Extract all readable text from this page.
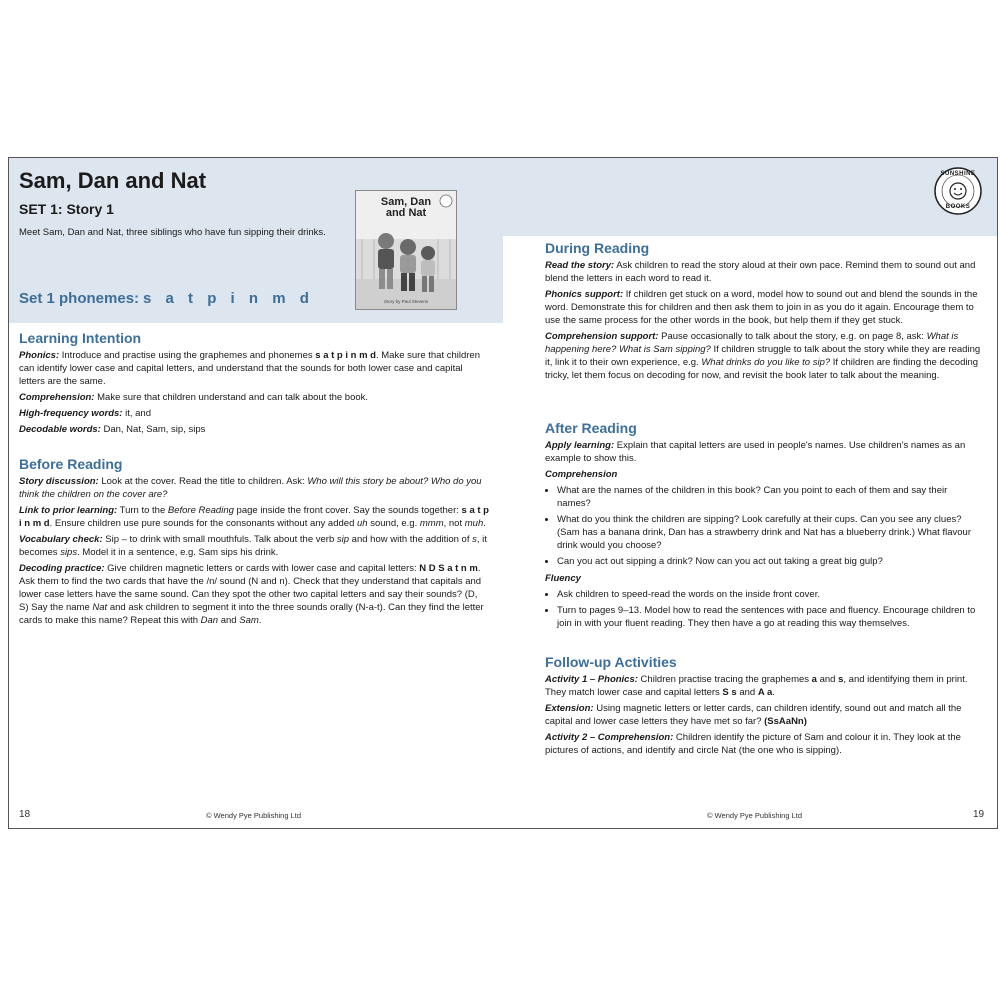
Sam, Dan and Nat
SET 1: Story 1
Meet Sam, Dan and Nat, three siblings who have fun sipping their drinks.
Set 1 phonemes: s a t p i n m d
Sam, Dan
and Nat
Story by Paul Stevens
Learning Intention

Phonics: Introduce and practise using the graphemes and phonemes s a t p i n m d. Make sure that children can identify lower case and capital letters, and understand that the sounds for both lower case and capital letters are the same.

Comprehension: Make sure that children understand and can talk about the book.

High-frequency words: it, and

Decodable words: Dan, Nat, Sam, sip, sips

Before Reading

Story discussion: Look at the cover. Read the title to children. Ask: Who will this story be about? Who do you think the children on the cover are?

Link to prior learning: Turn to the Before Reading page inside the front cover. Say the sounds together: s a t p i n m d. Ensure children use pure sounds for the consonants without any added uh sound, e.g. mmm, not muh.

Vocabulary check: Sip – to drink with small mouthfuls. Talk about the verb sip and how with the addition of s, it becomes sips. Model it in a sentence, e.g. Sam sips his drink.

Decoding practice: Give children magnetic letters or cards with lower case and capital letters: N D S a t n m. Ask them to find the two cards that have the /n/ sound (N and n). Check that they understand that capitals and lower case letters have the same sound. Can they spot the other two capital letters and say their sounds? (D, S) Say the name Nat and ask children to segment it into the three sounds orally (N-a-t). Can they find the letter cards to make this name? Repeat this with Dan and Sam.

18	© Wendy Pye Publishing Ltd
SUNSHINE
BOOKS
During Reading

Read the story: Ask children to read the story aloud at their own pace. Remind them to sound out and blend the letters in each word to read it.

Phonics support: If children get stuck on a word, model how to sound out and blend the sounds in the word. Demonstrate this for children and then ask them to join in as you do it again. Encourage them to use the same process for the other words in the book, but help them if they get stuck.

Comprehension support: Pause occasionally to talk about the story, e.g. on page 8, ask: What is happening here? What is Sam sipping? If children struggle to talk about the story while they are reading it, link it to their own experience, e.g. What drinks do you like to sip? If children are finding the decoding tricky, let them focus on decoding for now, and revisit the book later to talk about the meaning.

After Reading

Apply learning: Explain that capital letters are used in people's names. Use children's names as an example to show this.

Comprehension
• What are the names of the children in this book? Can you point to each of them and say their names?
• What do you think the children are sipping? Look carefully at their cups. Can you see any clues? (Sam has a banana drink, Dan has a strawberry drink and Nat has a blueberry drink.) What flavour drink would you choose?
• Can you act out sipping a drink? Now can you act out taking a great big gulp?
Fluency
• Ask children to speed-read the words on the inside front cover.
• Turn to pages 9–13. Model how to read the sentences with pace and fluency. Encourage children to join in with your fluent reading. They then have a go at reading this way themselves.
Follow-up Activities

Activity 1 – Phonics: Children practise tracing the graphemes a and s, and identifying them in print. They match lower case and capital letters S s and A a.

Extension: Using magnetic letters or letter cards, can children identify, sound out and match all the capital and lower case letters they have met so far? (SsAaNn)

Activity 2 – Comprehension: Children identify the picture of Sam and colour it in. They look at the pictures of actions, and identify and circle Nat (the one who is sipping).

© Wendy Pye Publishing Ltd	19
